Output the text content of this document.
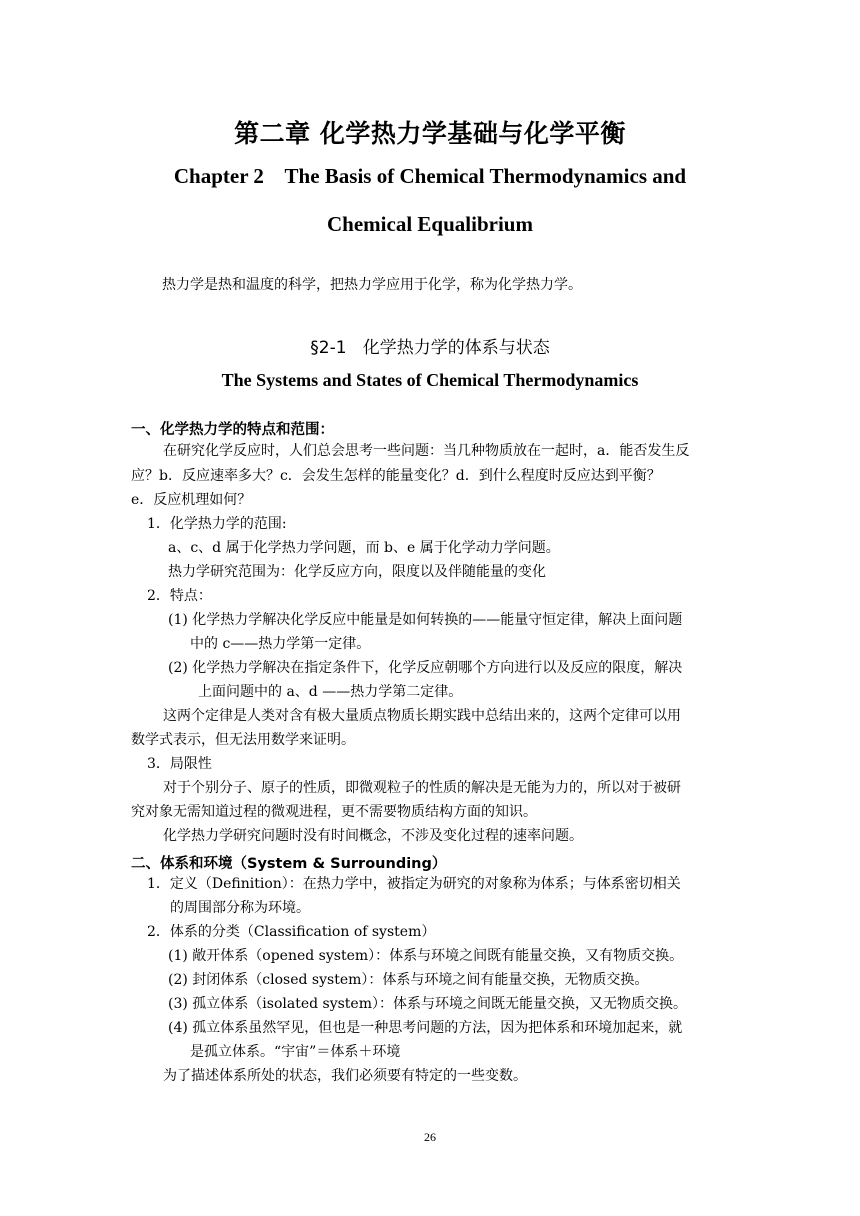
第二章 化学热力学基础与化学平衡
Chapter 2    The Basis of Chemical Thermodynamics and
Chemical Equalibrium
热力学是热和温度的科学，把热力学应用于化学，称为化学热力学。
§2-1   化学热力学的体系与状态
The Systems and States of Chemical Thermodynamics
一、化学热力学的特点和范围：
在研究化学反应时，人们总会思考一些问题：当几种物质放在一起时，a．能否发生反
应？b．反应速率多大？c．会发生怎样的能量变化？d．到什么程度时反应达到平衡？
e．反应机理如何？
1．化学热力学的范围:
a、c、d 属于化学热力学问题，而 b、e 属于化学动力学问题。
热力学研究范围为：化学反应方向，限度以及伴随能量的变化
2．特点：
(1) 化学热力学解决化学反应中能量是如何转换的——能量守恒定律，解决上面问题
中的 c——热力学第一定律。
(2) 化学热力学解决在指定条件下，化学反应朝哪个方向进行以及反应的限度，解决
上面问题中的 a、d ——热力学第二定律。
这两个定律是人类对含有极大量质点物质长期实践中总结出来的，这两个定律可以用
数学式表示，但无法用数学来证明。
3．局限性
对于个别分子、原子的性质，即微观粒子的性质的解决是无能为力的，所以对于被研
究对象无需知道过程的微观进程，更不需要物质结构方面的知识。
化学热力学研究问题时没有时间概念，不涉及变化过程的速率问题。
二、体系和环境（System & Surrounding）
1．定义（Definition）：在热力学中，被指定为研究的对象称为体系；与体系密切相关
的周围部分称为环境。
2．体系的分类（Classification of system）
(1) 敞开体系（opened system）：体系与环境之间既有能量交换，又有物质交换。
(2) 封闭体系（closed system）：体系与环境之间有能量交换，无物质交换。
(3) 孤立体系（isolated system）：体系与环境之间既无能量交换，又无物质交换。
(4) 孤立体系虽然罕见，但也是一种思考问题的方法，因为把体系和环境加起来，就
是孤立体系。“宇宙”＝体系＋环境
为了描述体系所处的状态，我们必须要有特定的一些变数。
26
